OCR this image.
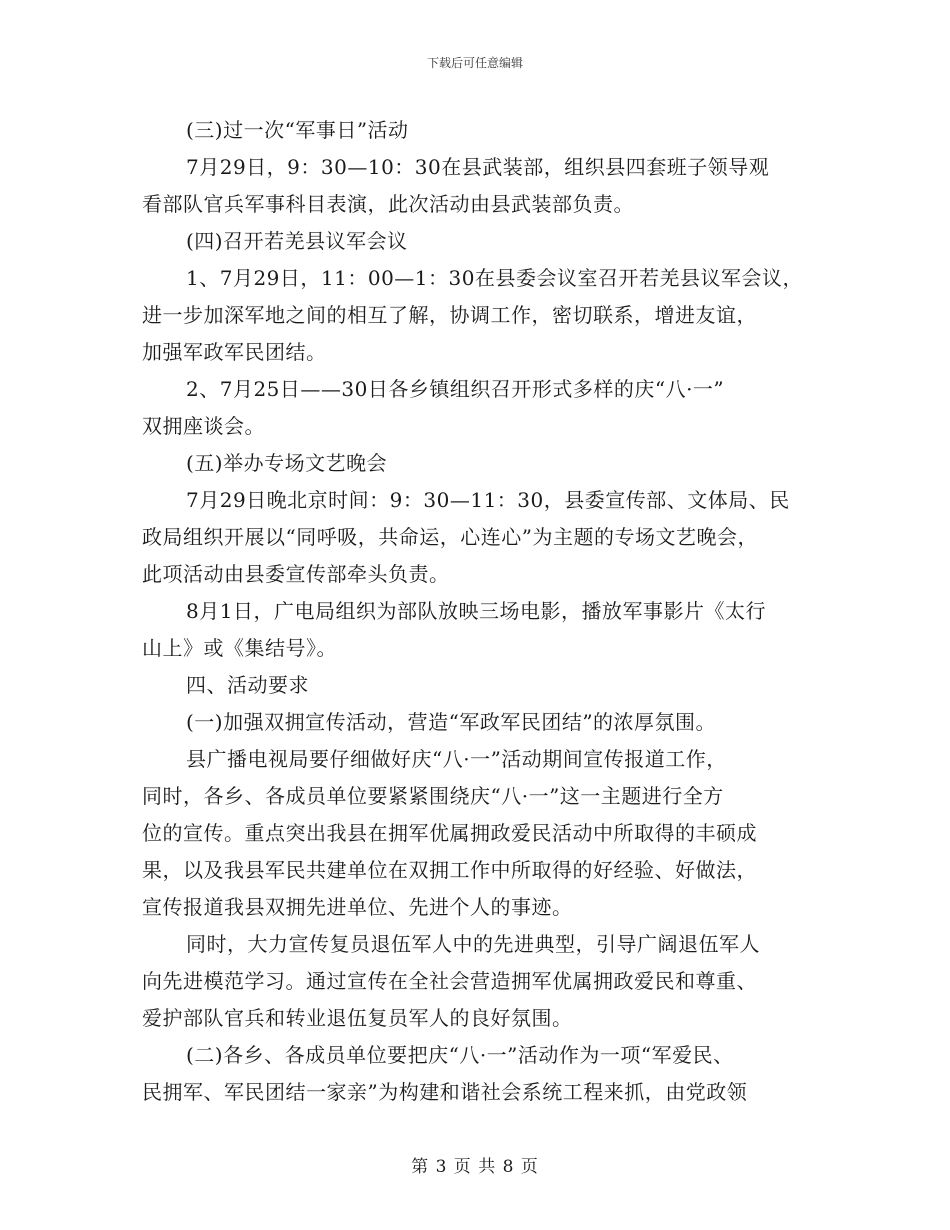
下载后可任意编辑
(三)过一次“军事日”活动
7月29日，9：30—10：30在县武装部，组织县四套班子领导观
看部队官兵军事科目表演，此次活动由县武装部负责。
(四)召开若羌县议军会议
1、7月29日，11：00—1：30在县委会议室召开若羌县议军会议，
进一步加深军地之间的相互了解，协调工作，密切联系，增进友谊，
加强军政军民团结。
2、7月25日——30日各乡镇组织召开形式多样的庆“八·一”
双拥座谈会。
(五)举办专场文艺晚会
7月29日晚北京时间：9：30—11：30，县委宣传部、文体局、民
政局组织开展以“同呼吸，共命运，心连心”为主题的专场文艺晚会，
此项活动由县委宣传部牵头负责。
8月1日，广电局组织为部队放映三场电影，播放军事影片《太行
山上》或《集结号》。
四、活动要求
(一)加强双拥宣传活动，营造“军政军民团结”的浓厚氛围。
县广播电视局要仔细做好庆“八·一”活动期间宣传报道工作，
同时，各乡、各成员单位要紧紧围绕庆“八·一”这一主题进行全方
位的宣传。重点突出我县在拥军优属拥政爱民活动中所取得的丰硕成
果，以及我县军民共建单位在双拥工作中所取得的好经验、好做法，
宣传报道我县双拥先进单位、先进个人的事迹。
同时，大力宣传复员退伍军人中的先进典型，引导广阔退伍军人
向先进模范学习。通过宣传在全社会营造拥军优属拥政爱民和尊重、
爱护部队官兵和转业退伍复员军人的良好氛围。
(二)各乡、各成员单位要把庆“八·一”活动作为一项“军爱民、
民拥军、军民团结一家亲”为构建和谐社会系统工程来抓，由党政领
第 3 页 共 8 页
